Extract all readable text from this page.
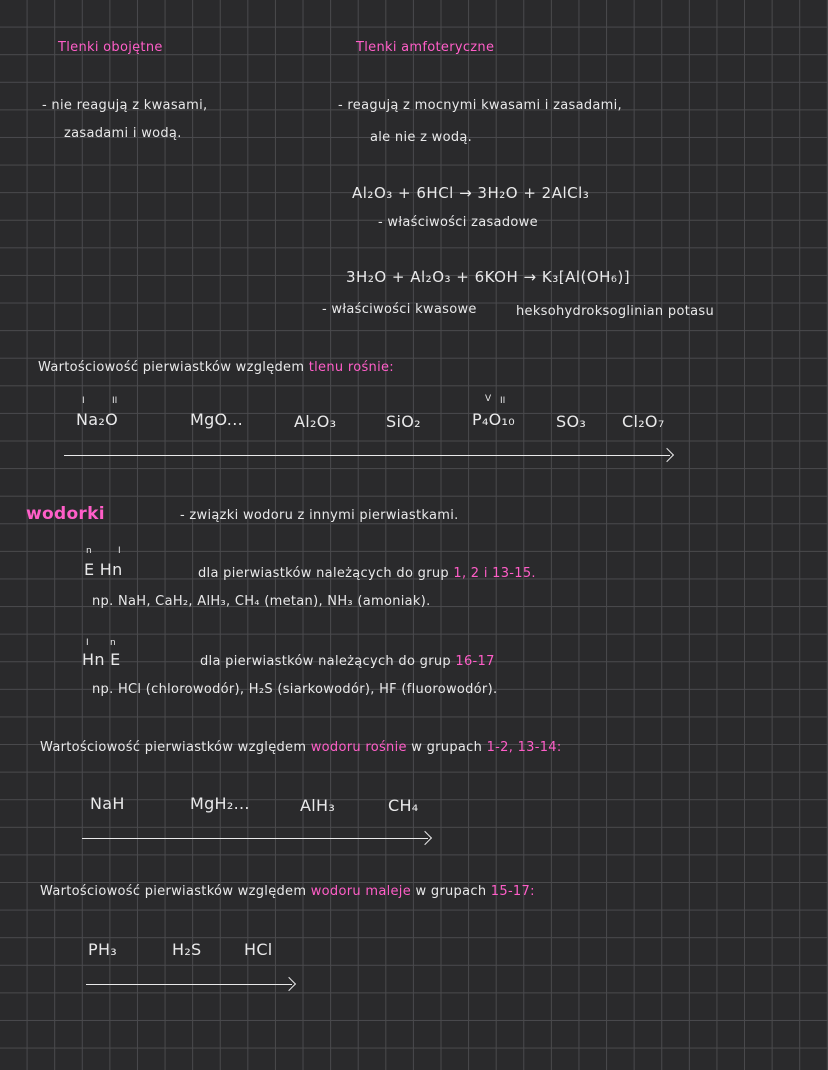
Tlenki obojętne	Tlenki amfoteryczne
- nie reagują z kwasami,
zasadami i wodą.
- reagują z mocnymi kwasami i zasadami,
ale nie z wodą.
Al₂O₃ + 6HCl → 3H₂O + 2AlCl₃
- właściwości zasadowe
3H₂O + Al₂O₃ + 6KOH → K₃[Al(OH₆)]
- właściwości kwasowe	heksohydroksoglinian potasu
Wartościowość pierwiastków względem tlenu rośnie:
I	II	V II
Na₂O	MgO...	Al₂O₃	SiO₂	P₄O₁₀	SO₃ Cl₂O₇
wodorki	- związki wodoru z innymi pierwiastkami.
n	I
E Hn	dla pierwiastków należących do grup 1, 2 i 13-15.
np. NaH, CaH₂, AlH₃, CH₄ (metan), NH₃ (amoniak).
I n
Hn E	dla pierwiastków należących do grup 16-17
np. HCl (chlorowodór), H₂S (siarkowodór), HF (fluorowodór).
Wartościowość pierwiastków względem wodoru rośnie w grupach 1-2, 13-14:
NaH	MgH₂...	AlH₃	CH₄
Wartościowość pierwiastków względem wodoru maleje w grupach 15-17:
PH₃	H₂S	HCl
